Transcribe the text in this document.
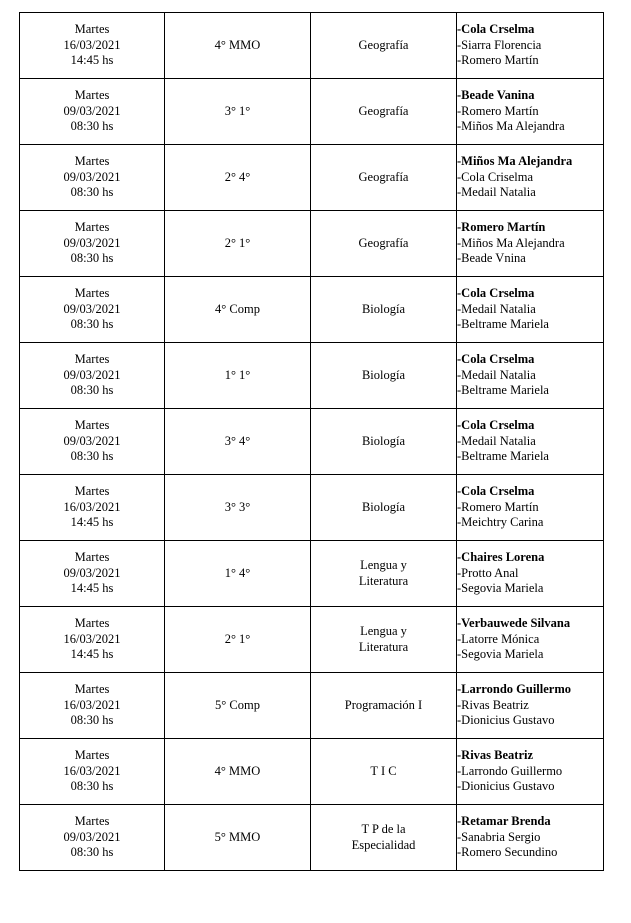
Martes
16/03/2021
14:45 hs	4° MMO	Geografía	-Cola Crselma
-Siarra Florencia
-Romero Martín

Martes
09/03/2021
08:30 hs	3° 1°	Geografía	-Beade Vanina
-Romero Martín
-Miños Ma Alejandra

Martes
09/03/2021
08:30 hs	2° 4°	Geografía	-Miños Ma Alejandra
-Cola Criselma
-Medail Natalia

Martes
09/03/2021
08:30 hs	2° 1°	Geografía	-Romero Martín
-Miños Ma Alejandra
-Beade Vnina

Martes
09/03/2021
08:30 hs	4° Comp	Biología	-Cola Crselma
-Medail Natalia
-Beltrame Mariela

Martes
09/03/2021
08:30 hs	1° 1°	Biología	-Cola Crselma
-Medail Natalia
-Beltrame Mariela

Martes
09/03/2021
08:30 hs	3° 4°	Biología	-Cola Crselma
-Medail Natalia
-Beltrame Mariela

Martes
16/03/2021
14:45 hs	3° 3°	Biología	-Cola Crselma
-Romero Martín
-Meichtry Carina

Martes
09/03/2021
14:45 hs	1° 4°	Lengua y
Literatura	-Chaires Lorena
-Protto Anal
-Segovia Mariela

Martes
16/03/2021
14:45 hs	2° 1°	Lengua y
Literatura	-Verbauwede Silvana
-Latorre Mónica
-Segovia Mariela

Martes
16/03/2021
08:30 hs	5° Comp	Programación I	-Larrondo Guillermo
-Rivas Beatriz
-Dionicius Gustavo

Martes
16/03/2021
08:30 hs	4° MMO	T I C	-Rivas Beatriz
-Larrondo Guillermo
-Dionicius Gustavo

Martes
09/03/2021
08:30 hs	5° MMO	T P de la
Especialidad	-Retamar Brenda
-Sanabria Sergio
-Romero Secundino
